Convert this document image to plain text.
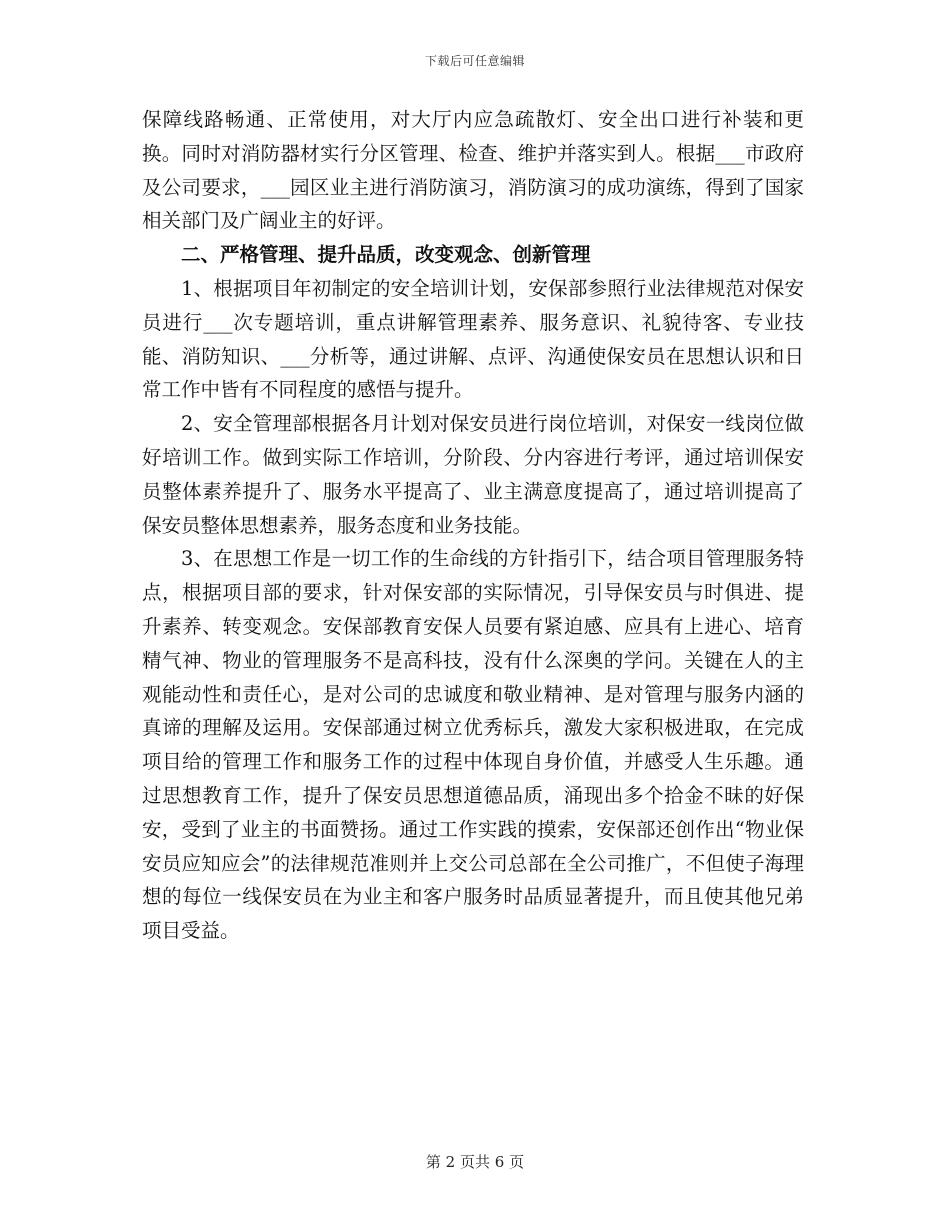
下载后可任意编辑

保障线路畅通、正常使用，对大厅内应急疏散灯、安全出口进行补装和更换。同时对消防器材实行分区管理、检查、维护并落实到人。根据___市政府及公司要求，___园区业主进行消防演习，消防演习的成功演练，得到了国家相关部门及广阔业主的好评。

二、严格管理、提升品质，改变观念、创新管理

1、根据项目年初制定的安全培训计划，安保部参照行业法律规范对保安员进行___次专题培训，重点讲解管理素养、服务意识、礼貌待客、专业技能、消防知识、___分析等，通过讲解、点评、沟通使保安员在思想认识和日常工作中皆有不同程度的感悟与提升。

2、安全管理部根据各月计划对保安员进行岗位培训，对保安一线岗位做好培训工作。做到实际工作培训，分阶段、分内容进行考评，通过培训保安员整体素养提升了、服务水平提高了、业主满意度提高了，通过培训提高了保安员整体思想素养，服务态度和业务技能。

3、在思想工作是一切工作的生命线的方针指引下，结合项目管理服务特点，根据项目部的要求，针对保安部的实际情况，引导保安员与时俱进、提升素养、转变观念。安保部教育安保人员要有紧迫感、应具有上进心、培育精气神、物业的管理服务不是高科技，没有什么深奥的学问。关键在人的主观能动性和责任心，是对公司的忠诚度和敬业精神、是对管理与服务内涵的真谛的理解及运用。安保部通过树立优秀标兵，激发大家积极进取，在完成项目给的管理工作和服务工作的过程中体现自身价值，并感受人生乐趣。通过思想教育工作，提升了保安员思想道德品质，涌现出多个拾金不昧的好保安，受到了业主的书面赞扬。通过工作实践的摸索，安保部还创作出“物业保安员应知应会”的法律规范准则并上交公司总部在全公司推广，不但使子海理想的每位一线保安员在为业主和客户服务时品质显著提升，而且使其他兄弟项目受益。

第 2 页共 6 页
